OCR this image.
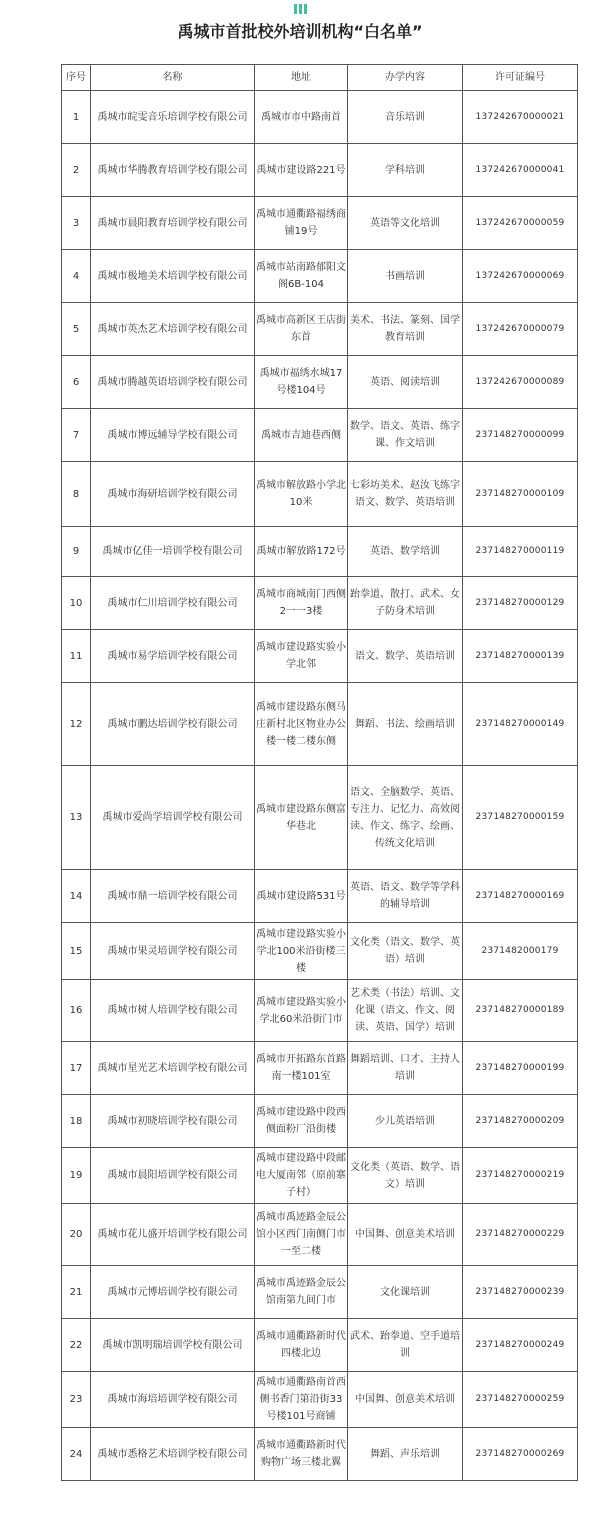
禹城市首批校外培训机构“白名单”
序号	名称	地址	办学内容	许可证编号
1	禹城市皖雯音乐培训学校有限公司	禹城市市中路南首	音乐培训	137242670000021
2	禹城市华腾教育培训学校有限公司	禹城市建设路221号	学科培训	137242670000041
3	禹城市晨阳教育培训学校有限公司	禹城市通衢路福绣商铺19号	英语等文化培训	137242670000059
4	禹城市极地美术培训学校有限公司	禹城市站南路郁阳文阁6B-104	书画培训	137242670000069
5	禹城市英杰艺术培训学校有限公司	禹城市高新区王店街东首	美术、书法、篆刻、国学教育培训	137242670000079
6	禹城市腾越英语培训学校有限公司	禹城市福绣水城17号楼104号	英语、阅读培训	137242670000089
7	禹城市博远辅导学校有限公司	禹城市吉迪巷西侧	数学、语文、英语、练字课、作文培训	237148270000099
8	禹城市海研培训学校有限公司	禹城市解放路小学北10米	七彩坊美术、赵汝飞练字语文、数学、英语培训	237148270000109
9	禹城市亿佳一培训学校有限公司	禹城市解放路172号	英语、数学培训	237148270000119
10	禹城市仁川培训学校有限公司	禹城市商城南门西侧2一一3楼	跆拳道、散打、武术、女子防身术培训	237148270000129
11	禹城市易学培训学校有限公司	禹城市建设路实验小学北邻	语文、数学、英语培训	237148270000139
12	禹城市鹏达培训学校有限公司	禹城市建设路东侧马庄新村北区物业办公楼一楼二楼东侧	舞蹈、书法、绘画培训	237148270000149
13	禹城市爱尚学培训学校有限公司	禹城市建设路东侧富华巷北	语文、全脑数学、英语、专注力、记忆力、高效阅读、作文、练字、绘画、传统文化培训	237148270000159
14	禹城市鼎一培训学校有限公司	禹城市建设路531号	英语、语文、数学等学科的辅导培训	237148270000169
15	禹城市果灵培训学校有限公司	禹城市建设路实验小学北100米沿街楼三楼	文化类（语文、数学、英语）培训	2371482000179
16	禹城市树人培训学校有限公司	禹城市建设路实验小学北60米沿街门市	艺术类（书法）培训、文化课（语文、作文、阅读、英语、国学）培训	237148270000189
17	禹城市星光艺术培训学校有限公司	禹城市开拓路东首路南一楼101室	舞蹈培训、口才、主持人培训	237148270000199
18	禹城市初晓培训学校有限公司	禹城市建设路中段西侧面粉厂沿街楼	少儿英语培训	237148270000209
19	禹城市晨阳培训学校有限公司	禹城市建设路中段邮电大厦南邻（原前寨子村）	文化类（英语、数学、语文）培训	237148270000219
20	禹城市花儿盛开培训学校有限公司	禹城市禹迹路金辰公馆小区西门南侧门市一至二楼	中国舞、创意美术培训	237148270000229
21	禹城市元博培训学校有限公司	禹城市禹迹路金辰公馆南第九间门市	文化课培训	237148270000239
22	禹城市凯明瑞培训学校有限公司	禹城市通衢路新时代四楼北边	武术、跆拳道、空手道培训	237148270000249
23	禹城市海培培训学校有限公司	禹城市通衢路南首西侧书香门第沿街33号楼101号商铺	中国舞、创意美术培训	237148270000259
24	禹城市悉格艺术培训学校有限公司	禹城市通衢路新时代购物广场三楼北翼	舞蹈、声乐培训	237148270000269
